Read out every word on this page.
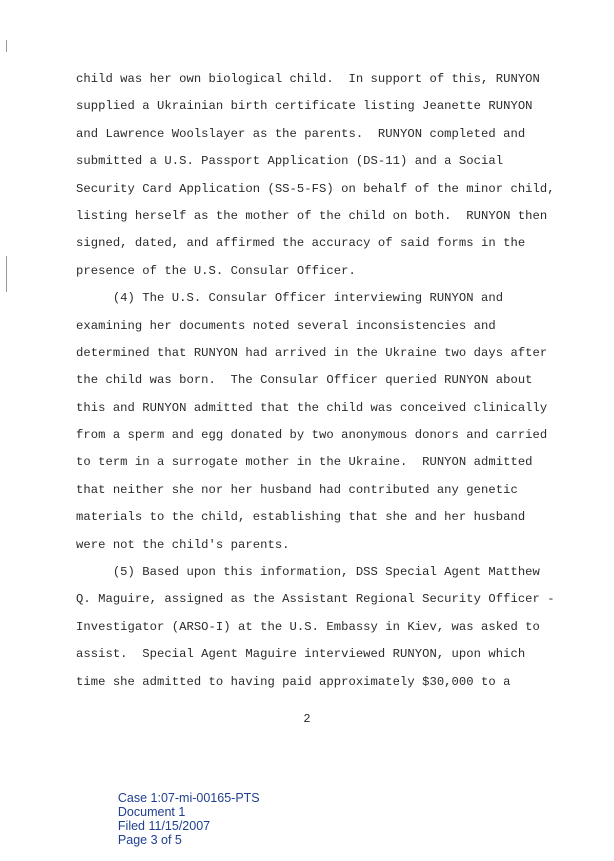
child was her own biological child.  In support of this, RUNYON
supplied a Ukrainian birth certificate listing Jeanette RUNYON
and Lawrence Woolslayer as the parents.  RUNYON completed and
submitted a U.S. Passport Application (DS-11) and a Social
Security Card Application (SS-5-FS) on behalf of the minor child,
listing herself as the mother of the child on both.  RUNYON then
signed, dated, and affirmed the accuracy of said forms in the
presence of the U.S. Consular Officer.
(4) The U.S. Consular Officer interviewing RUNYON and
examining her documents noted several inconsistencies and
determined that RUNYON had arrived in the Ukraine two days after
the child was born.  The Consular Officer queried RUNYON about
this and RUNYON admitted that the child was conceived clinically
from a sperm and egg donated by two anonymous donors and carried
to term in a surrogate mother in the Ukraine.  RUNYON admitted
that neither she nor her husband had contributed any genetic
materials to the child, establishing that she and her husband
were not the child's parents.
(5) Based upon this information, DSS Special Agent Matthew
Q. Maguire, assigned as the Assistant Regional Security Officer -
Investigator (ARSO-I) at the U.S. Embassy in Kiev, was asked to
assist.  Special Agent Maguire interviewed RUNYON, upon which
time she admitted to having paid approximately $30,000 to a
2

Case 1:07-mi-00165-PTS
Document 1
Filed 11/15/2007
Page 3 of 5
